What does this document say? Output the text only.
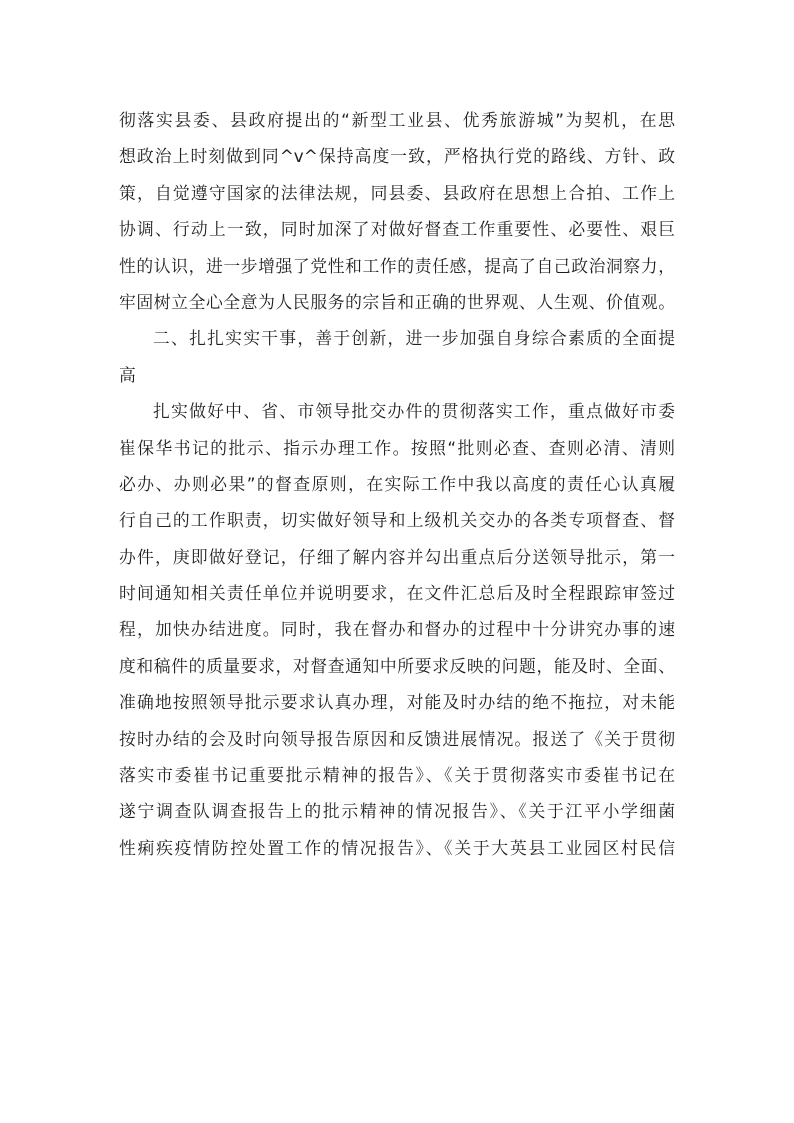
彻落实县委、县政府提出的“新型工业县、优秀旅游城”为契机，在思
想政治上时刻做到同^v^保持高度一致，严格执行党的路线、方针、政
策，自觉遵守国家的法律法规，同县委、县政府在思想上合拍、工作上
协调、行动上一致，同时加深了对做好督查工作重要性、必要性、艰巨
性的认识，进一步增强了党性和工作的责任感，提高了自己政治洞察力，
牢固树立全心全意为人民服务的宗旨和正确的世界观、人生观、价值观。
二、扎扎实实干事，善于创新，进一步加强自身综合素质的全面提
高
扎实做好中、省、市领导批交办件的贯彻落实工作，重点做好市委
崔保华书记的批示、指示办理工作。按照“批则必查、查则必清、清则
必办、办则必果”的督查原则，在实际工作中我以高度的责任心认真履
行自己的工作职责，切实做好领导和上级机关交办的各类专项督查、督
办件，庚即做好登记，仔细了解内容并勾出重点后分送领导批示，第一
时间通知相关责任单位并说明要求，在文件汇总后及时全程跟踪审签过
程，加快办结进度。同时，我在督办和督办的过程中十分讲究办事的速
度和稿件的质量要求，对督查通知中所要求反映的问题，能及时、全面、
准确地按照领导批示要求认真办理，对能及时办结的绝不拖拉，对未能
按时办结的会及时向领导报告原因和反馈进展情况。报送了《关于贯彻
落实市委崔书记重要批示精神的报告》、《关于贯彻落实市委崔书记在
遂宁调查队调查报告上的批示精神的情况报告》、《关于江平小学细菌
性痢疾疫情防控处置工作的情况报告》、《关于大英县工业园区村民信
